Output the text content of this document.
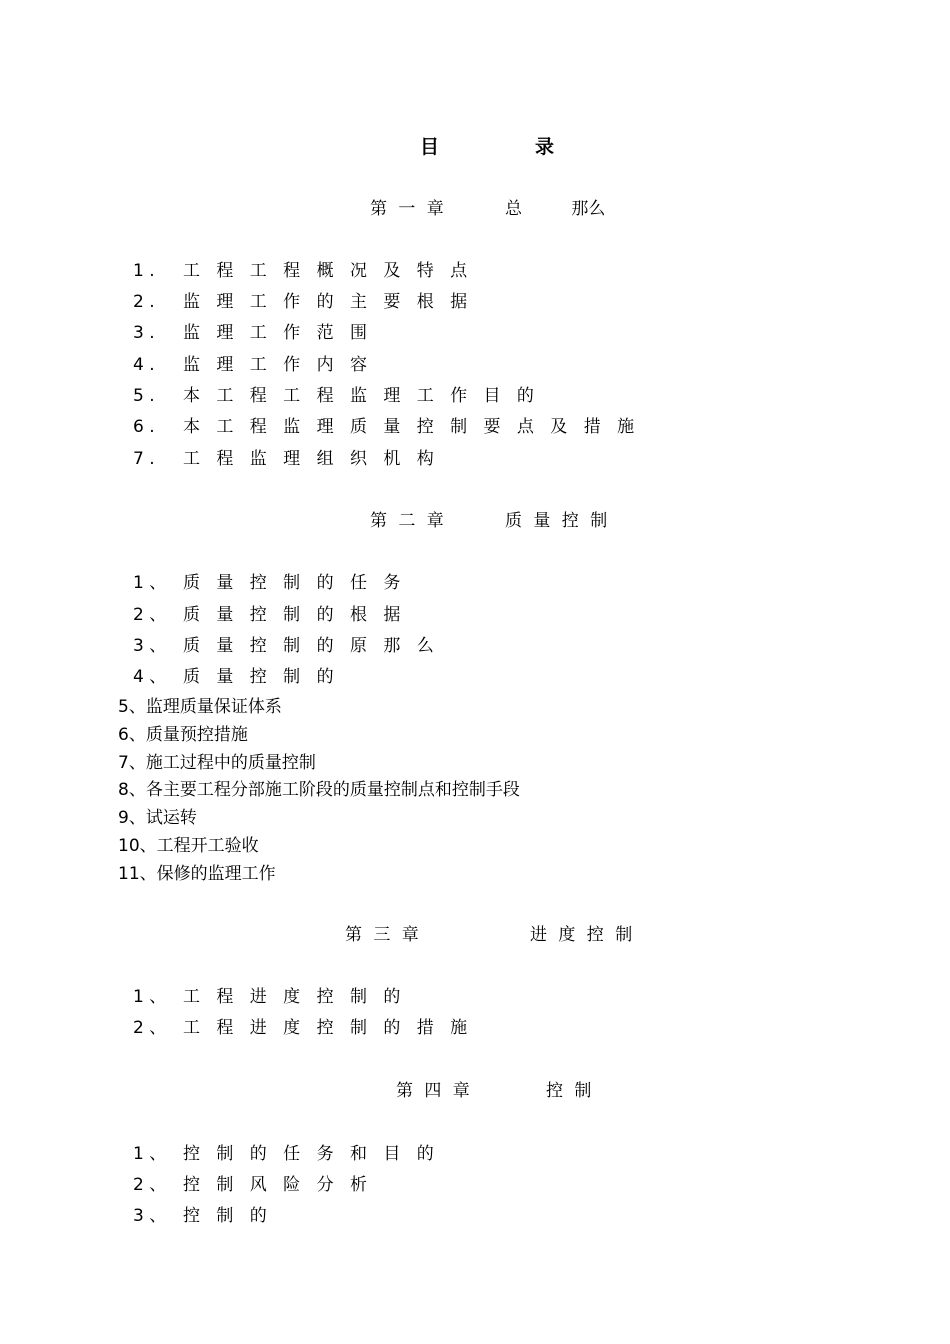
目	录
第 一 章	总 那么
1 .	工 程 工 程 概 况 及 特 点
2 .	监 理 工 作 的 主 要 根 据
3 .	监 理 工 作 范 围
4 .	监 理 工 作 内 容
5 .	本 工 程 工 程 监 理 工 作 目 的
6 .	本 工 程 监 理 质 量 控 制 要 点 及 措 施
7 .	工 程 监 理 组 织 机 构
第 二 章	质 量 控 制
1 、 质 量 控 制 的 任 务
2 、 质 量 控 制 的 根 据
3 、 质 量 控 制 的 原 那 么
4 、 质 量 控 制 的
5、监理质量保证体系
6、质量预控措施
7、施工过程中的质量控制
8、各主要工程分部施工阶段的质量控制点和控制手段
9、试运转
10、工程开工验收
11、保修的监理工作
第 三 章	进 度 控 制
1 、 工 程 进 度 控 制 的
2 、 工 程 进 度 控 制 的 措 施
第 四 章	控 制
1 、 控 制 的 任 务 和 目 的
2 、 控 制 风 险 分 析
3 、 控 制 的
